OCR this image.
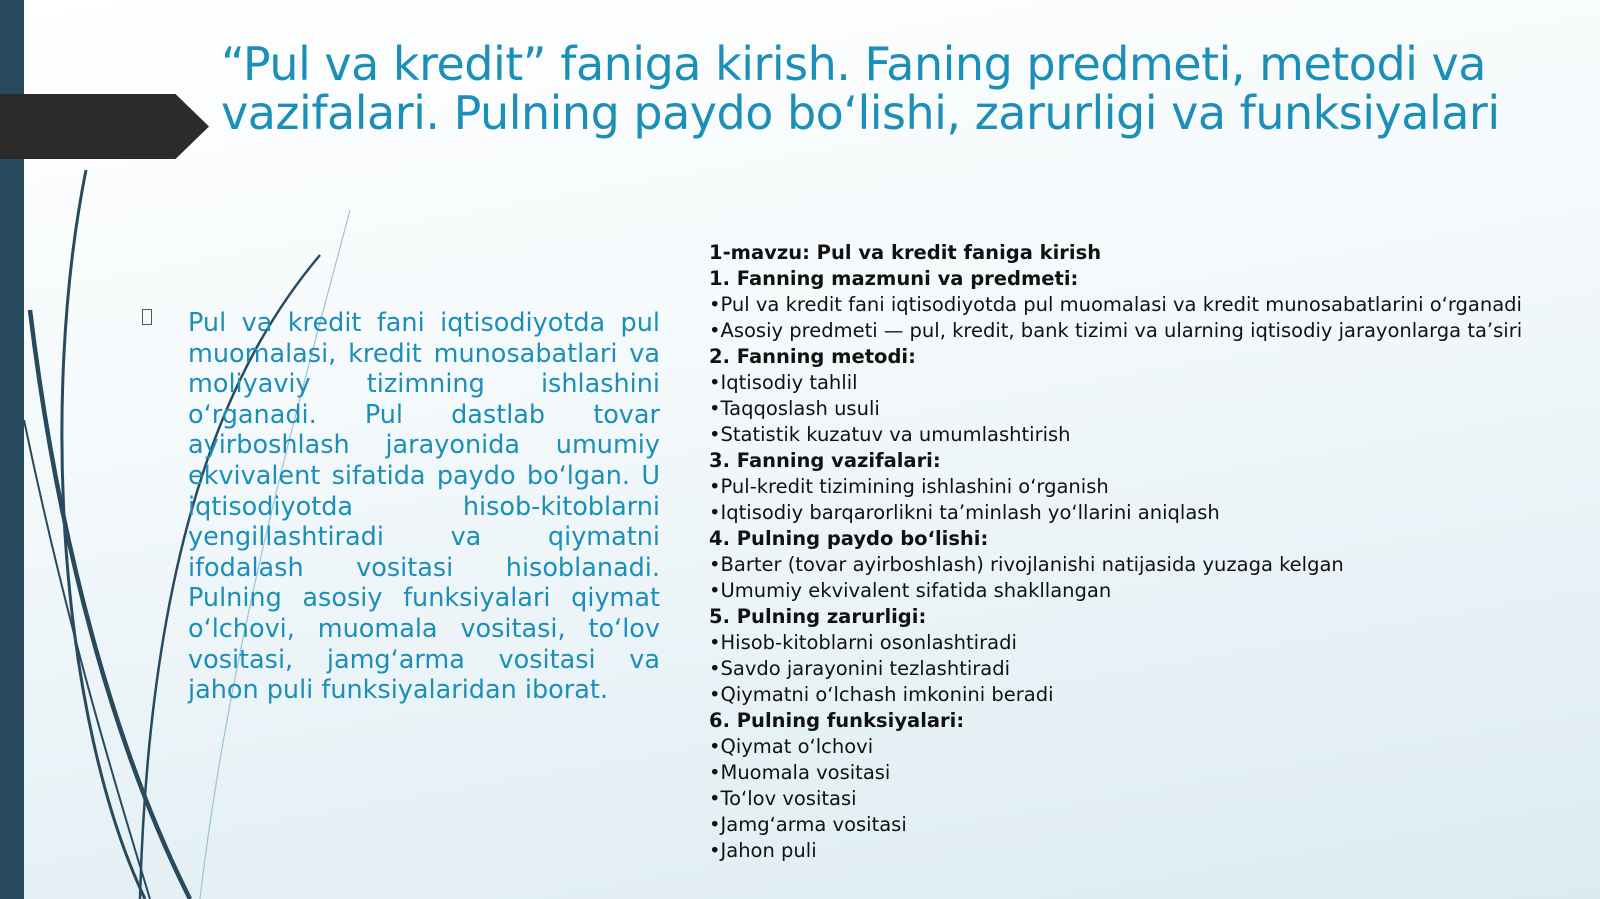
“Pul va kredit” faniga kirish. Faning predmeti, metodi va vazifalari. Pulning paydo boʻlishi, zarurligi va funksiyalari

Pul va kredit fani iqtisodiyotda pul muomalasi, kredit munosabatlari va moliyaviy tizimning ishlashini oʻrganadi. Pul dastlab tovar ayirboshlash jarayonida umumiy ekvivalent sifatida paydo boʻlgan. U iqtisodiyotda hisob-kitoblarni yengillashtiradi va qiymatni ifodalash vositasi hisoblanadi. Pulning asosiy funksiyalari qiymat oʻlchovi, muomala vositasi, toʻlov vositasi, jamgʻarma vositasi va jahon puli funksiyalaridan iborat.

1-mavzu: Pul va kredit faniga kirish
1. Fanning mazmuni va predmeti:
•Pul va kredit fani iqtisodiyotda pul muomalasi va kredit munosabatlarini oʻrganadi
•Asosiy predmeti — pul, kredit, bank tizimi va ularning iqtisodiy jarayonlarga taʼsiri
2. Fanning metodi:
•Iqtisodiy tahlil
•Taqqoslash usuli
•Statistik kuzatuv va umumlashtirish
3. Fanning vazifalari:
•Pul-kredit tizimining ishlashini oʻrganish
•Iqtisodiy barqarorlikni taʼminlash yoʻllarini aniqlash
4. Pulning paydo boʻlishi:
•Barter (tovar ayirboshlash) rivojlanishi natijasida yuzaga kelgan
•Umumiy ekvivalent sifatida shakllangan
5. Pulning zarurligi:
•Hisob-kitoblarni osonlashtiradi
•Savdo jarayonini tezlashtiradi
•Qiymatni oʻlchash imkonini beradi
6. Pulning funksiyalari:
•Qiymat oʻlchovi
•Muomala vositasi
•Toʻlov vositasi
•Jamgʻarma vositasi
•Jahon puli
